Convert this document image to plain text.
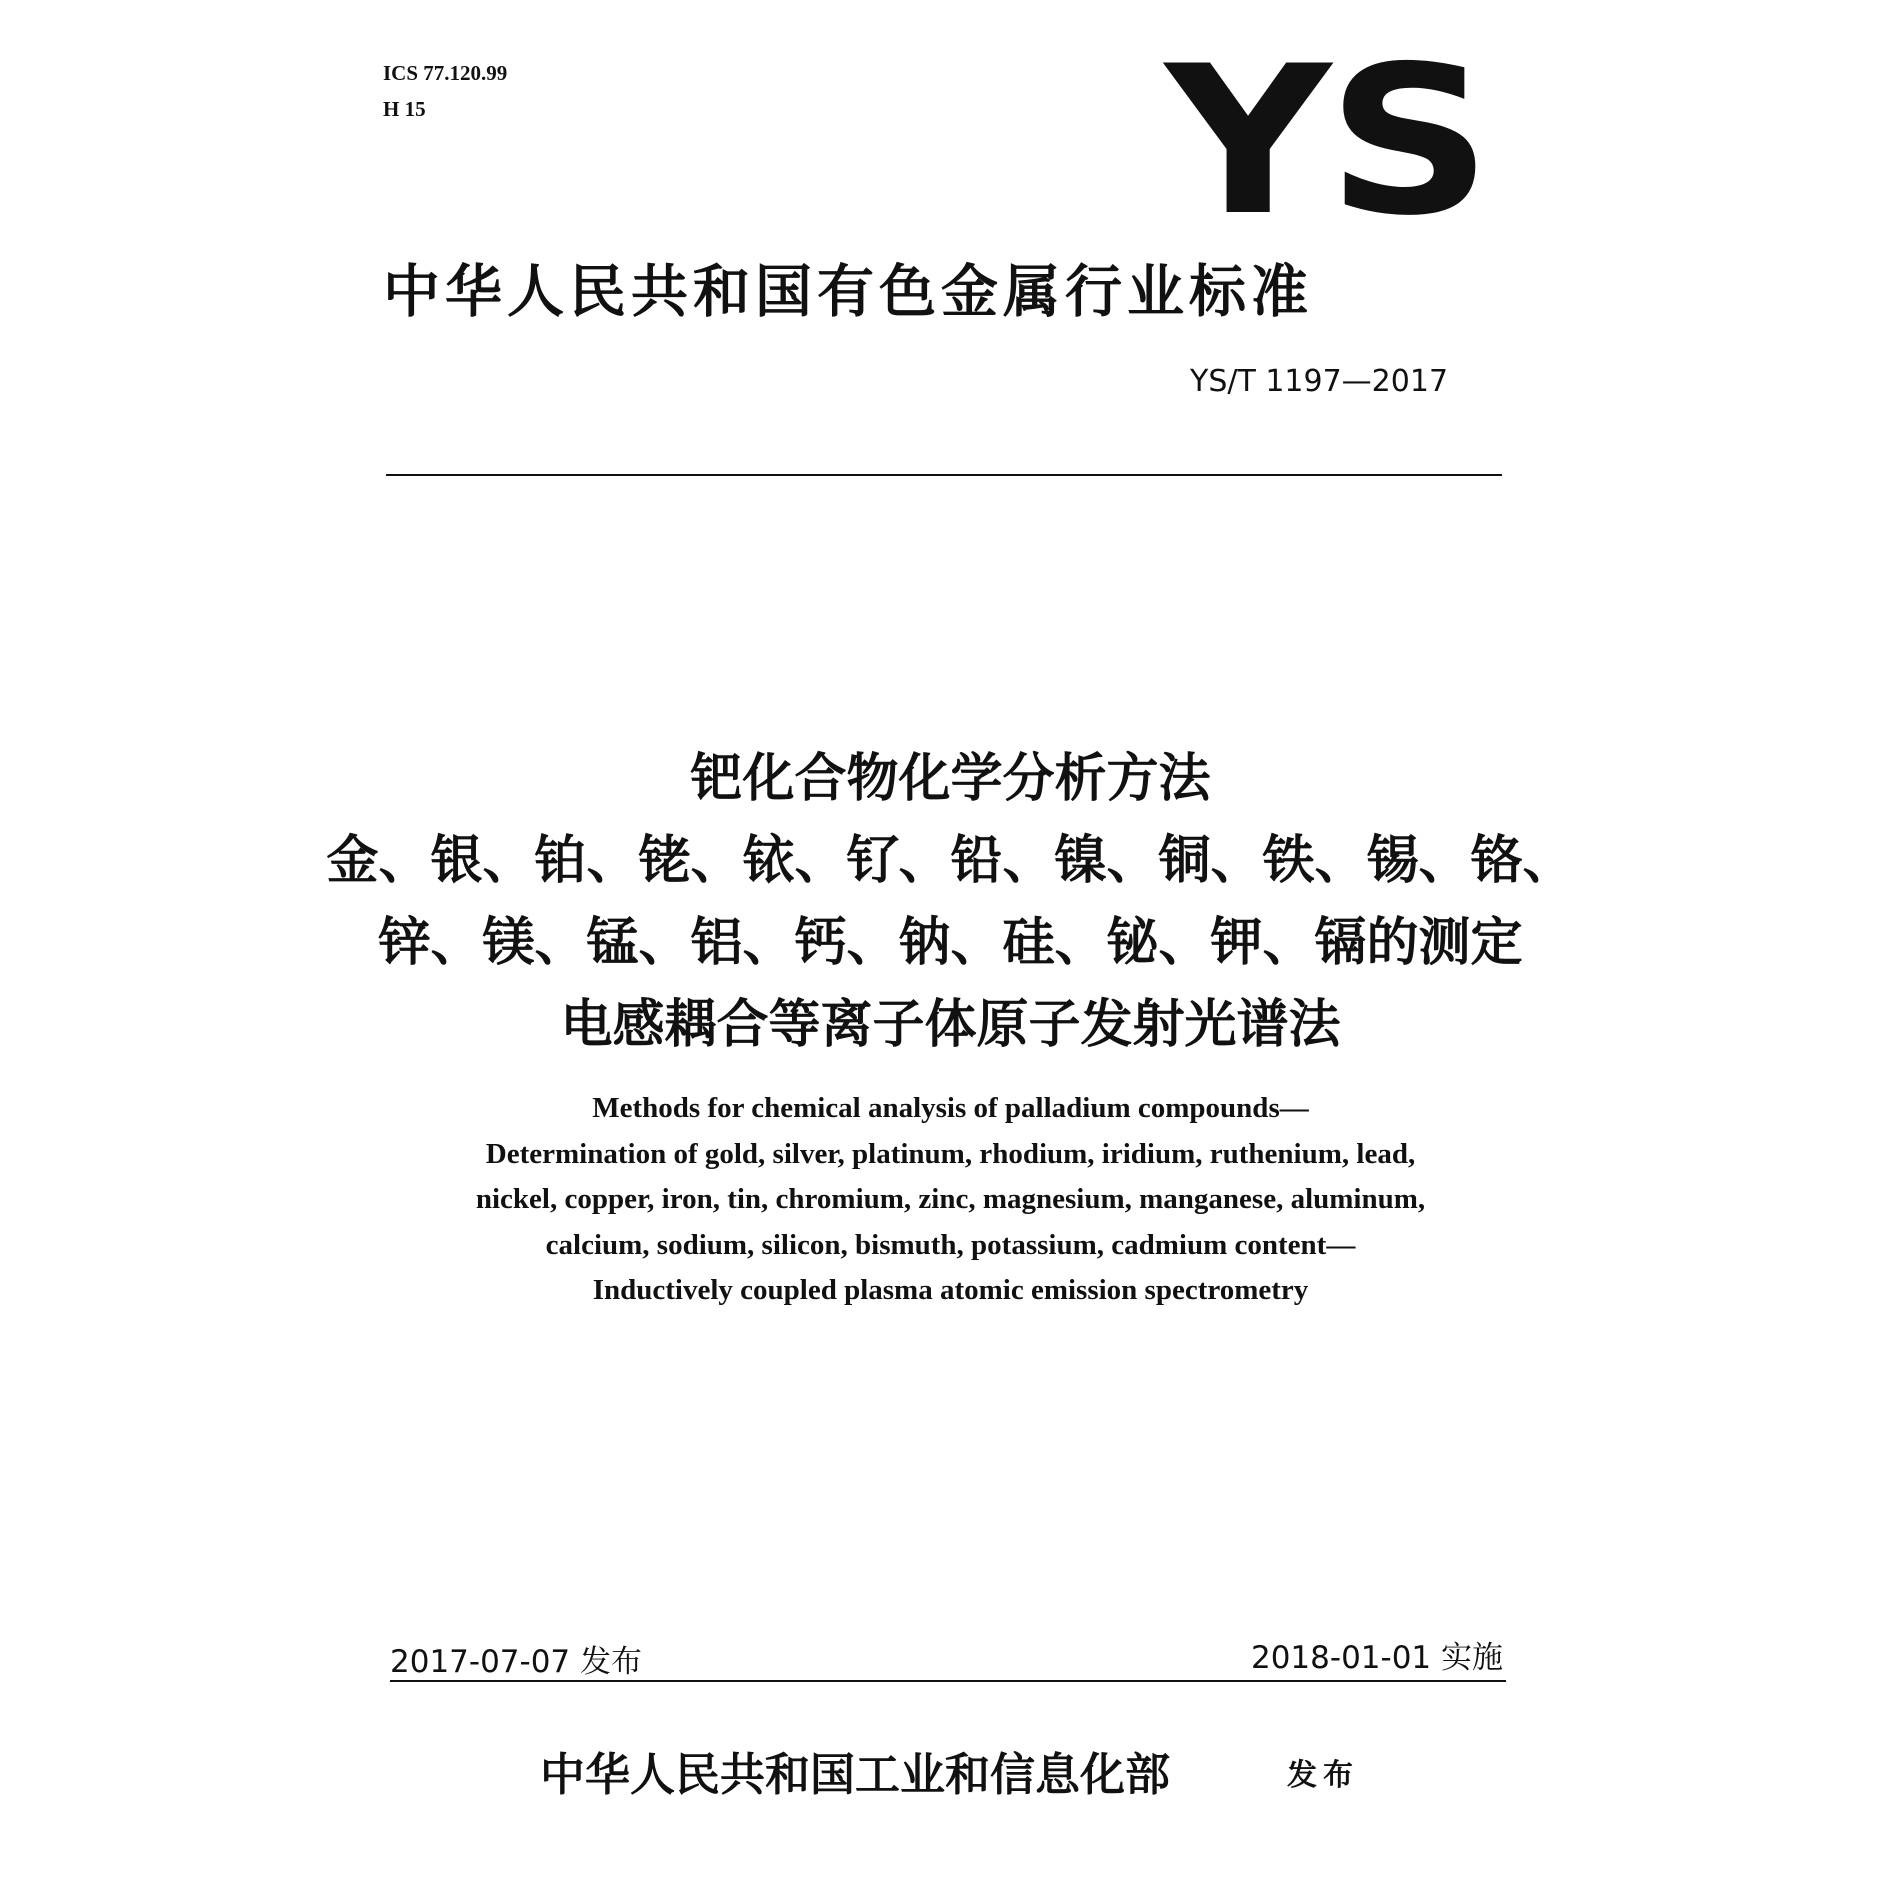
ICS 77.120.99
H 15	YS
中华人民共和国有色金属行业标准
YS/T 1197—2017
钯化合物化学分析方法
金、银、铂、铑、铱、钌、铅、镍、铜、铁、锡、铬、
锌、镁、锰、铝、钙、钠、硅、铋、钾、镉的测定
电感耦合等离子体原子发射光谱法
Methods for chemical analysis of palladium compounds—
Determination of gold, silver, platinum, rhodium, iridium, ruthenium, lead,
nickel, copper, iron, tin, chromium, zinc, magnesium, manganese, aluminum,
calcium, sodium, silicon, bismuth, potassium, cadmium content—
Inductively coupled plasma atomic emission spectrometry
2017-07-07 发布	2018-01-01 实施
中华人民共和国工业和信息化部	发布
